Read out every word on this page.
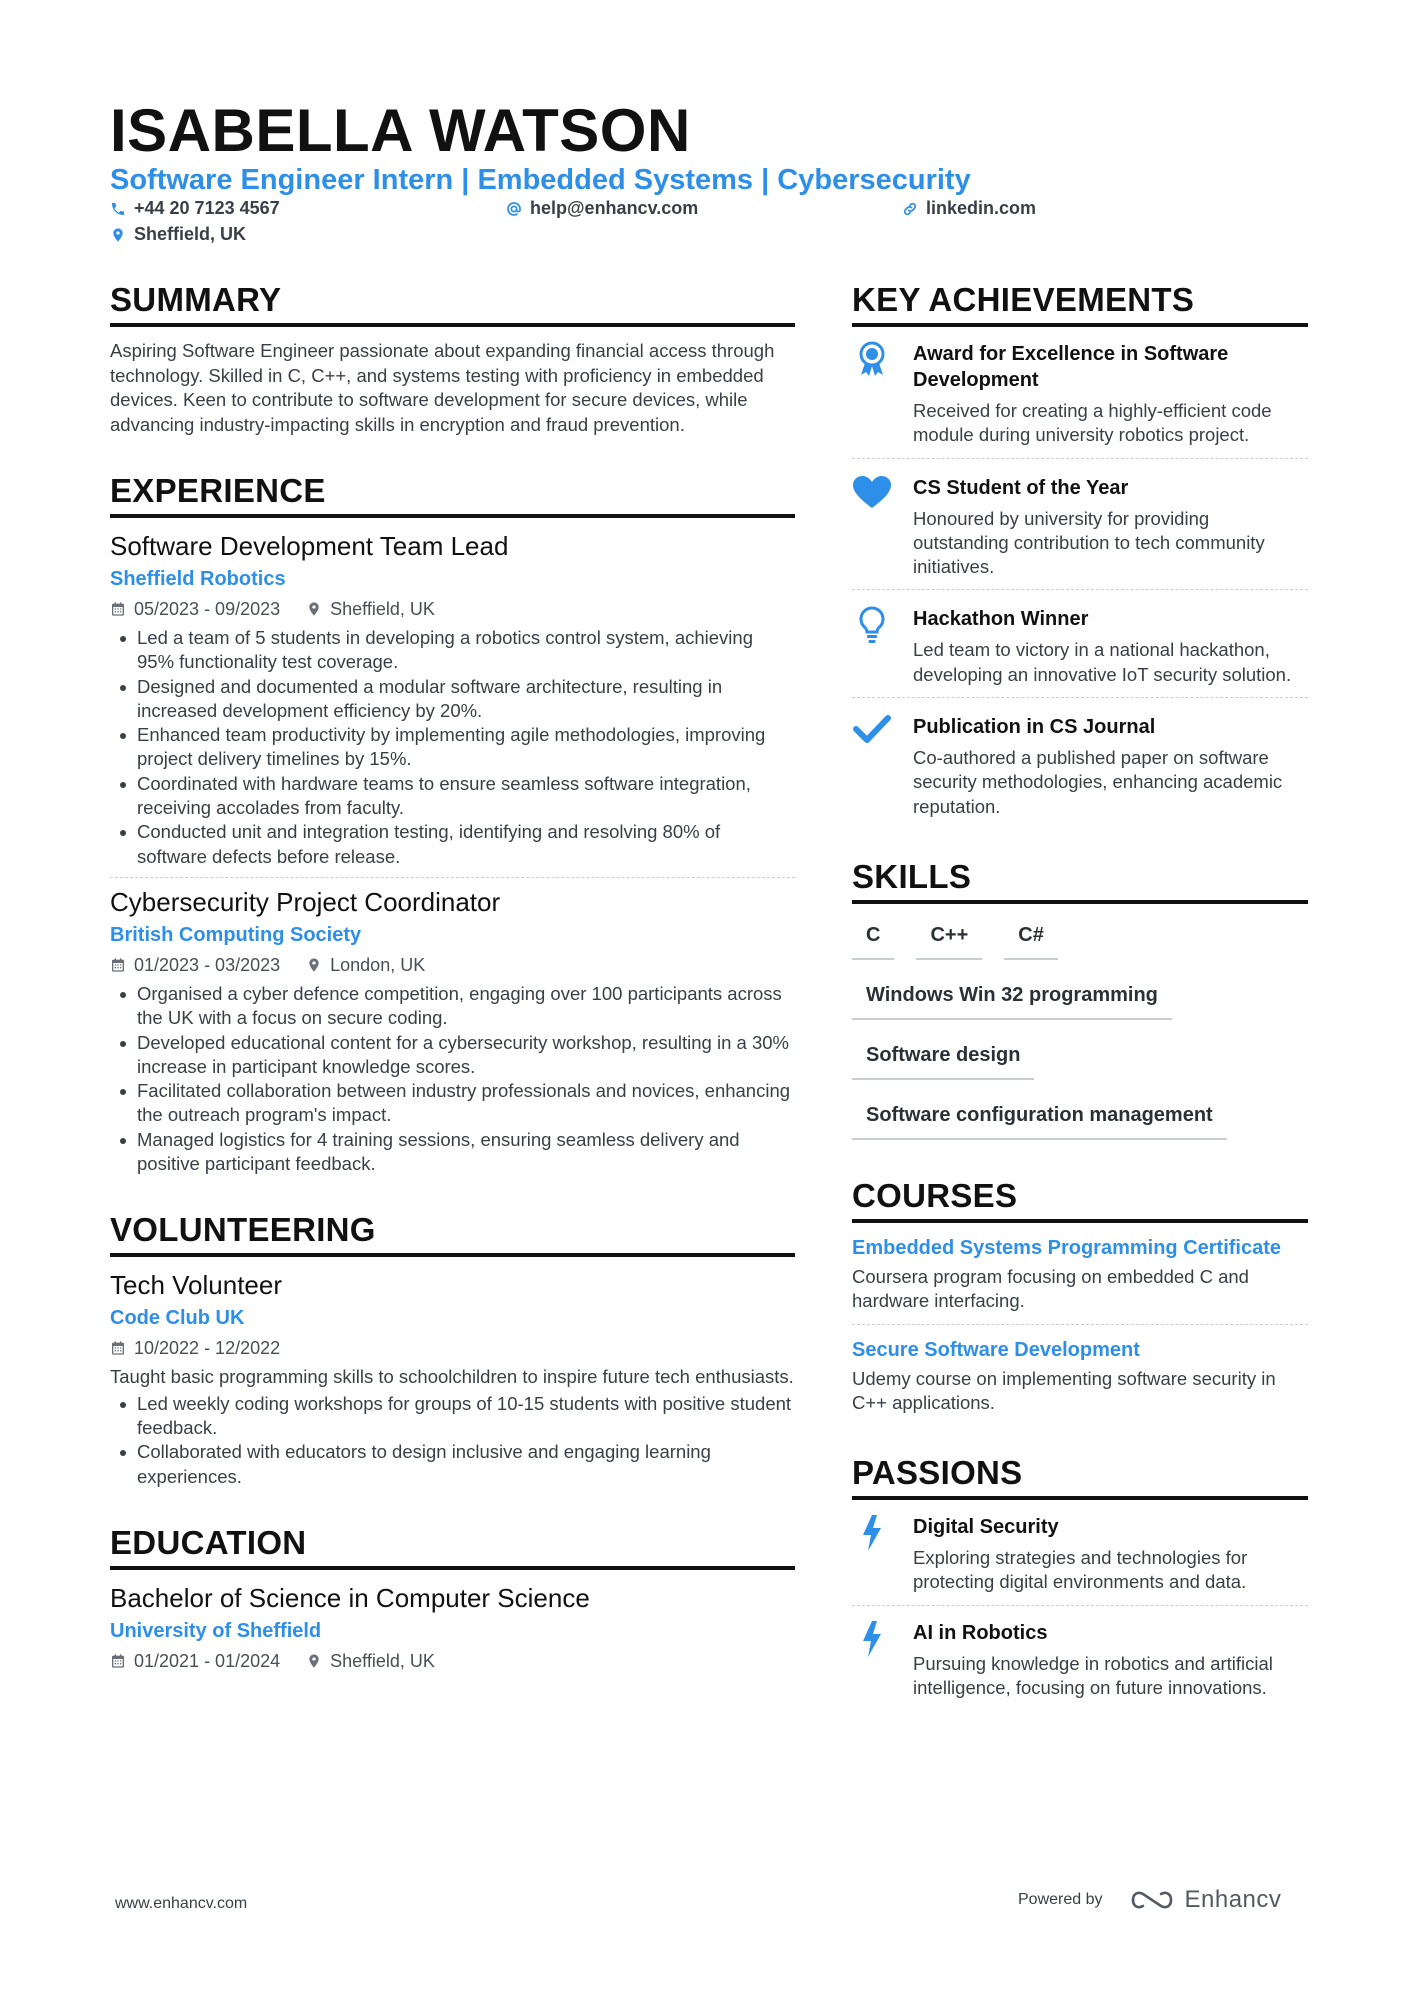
ISABELLA WATSON
Software Engineer Intern | Embedded Systems | Cybersecurity
+44 20 7123 4567	help@enhancv.com	linkedin.com
Sheffield, UK
SUMMARY
Aspiring Software Engineer passionate about expanding financial access through technology. Skilled in C, C++, and systems testing with proficiency in embedded devices. Keen to contribute to software development for secure devices, while advancing industry-impacting skills in encryption and fraud prevention.
EXPERIENCE
Software Development Team Lead
Sheffield Robotics
05/2023 - 09/2023	Sheffield, UK
Led a team of 5 students in developing a robotics control system, achieving 95% functionality test coverage.
Designed and documented a modular software architecture, resulting in increased development efficiency by 20%.
Enhanced team productivity by implementing agile methodologies, improving project delivery timelines by 15%.
Coordinated with hardware teams to ensure seamless software integration, receiving accolades from faculty.
Conducted unit and integration testing, identifying and resolving 80% of software defects before release.
Cybersecurity Project Coordinator
British Computing Society
01/2023 - 03/2023	London, UK
Organised a cyber defence competition, engaging over 100 participants across the UK with a focus on secure coding.
Developed educational content for a cybersecurity workshop, resulting in a 30% increase in participant knowledge scores.
Facilitated collaboration between industry professionals and novices, enhancing the outreach program's impact.
Managed logistics for 4 training sessions, ensuring seamless delivery and positive participant feedback.
VOLUNTEERING
Tech Volunteer
Code Club UK
10/2022 - 12/2022
Taught basic programming skills to schoolchildren to inspire future tech enthusiasts.
Led weekly coding workshops for groups of 10-15 students with positive student feedback.
Collaborated with educators to design inclusive and engaging learning experiences.
EDUCATION
Bachelor of Science in Computer Science
University of Sheffield
01/2021 - 01/2024	Sheffield, UK
KEY ACHIEVEMENTS
Award for Excellence in Software Development
Received for creating a highly-efficient code module during university robotics project.
CS Student of the Year
Honoured by university for providing outstanding contribution to tech community initiatives.
Hackathon Winner
Led team to victory in a national hackathon, developing an innovative IoT security solution.
Publication in CS Journal
Co-authored a published paper on software security methodologies, enhancing academic reputation.
SKILLS
C	C++	C#
Windows Win 32 programming
Software design
Software configuration management
COURSES
Embedded Systems Programming Certificate
Coursera program focusing on embedded C and hardware interfacing.
Secure Software Development
Udemy course on implementing software security in C++ applications.
PASSIONS
Digital Security
Exploring strategies and technologies for protecting digital environments and data.
AI in Robotics
Pursuing knowledge in robotics and artificial intelligence, focusing on future innovations.
www.enhancv.com	Powered by	Enhancv
